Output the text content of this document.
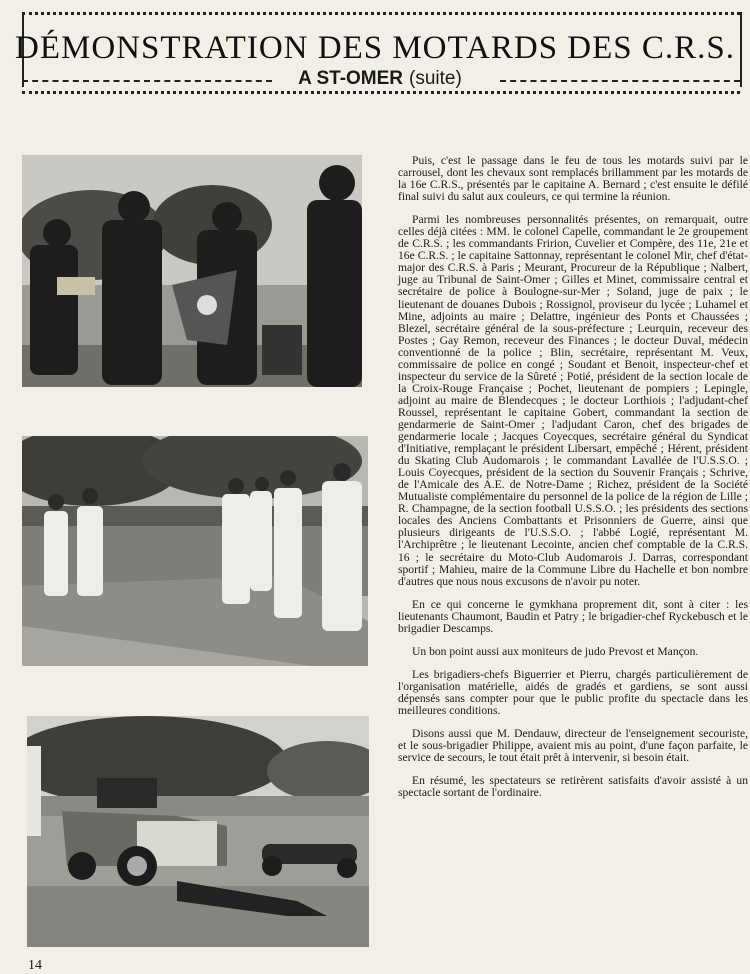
DÉMONSTRATION DES MOTARDS DES C.R.S.
A ST-OMER (suite)

Puis, c'est le passage dans le feu de tous les motards suivi par le carrousel, dont les chevaux sont remplacés brillamment par les motards de la 16e C.R.S., présentés par le capitaine A. Bernard ; c'est ensuite le défilé final suivi du salut aux couleurs, ce qui termine la réunion.

Parmi les nombreuses personnalités présentes, on remarquait, outre celles déjà citées : MM. le colonel Capelle, commandant le 2e groupement de C.R.S. ; les commandants Fririon, Cuvelier et Compère, des 11e, 21e et 16e C.R.S. ; le capitaine Sattonnay, représentant le colonel Mir, chef d'état-major des C.R.S. à Paris ; Meurant, Procureur de la République ; Nalbert, juge au Tribunal de Saint-Omer ; Gilles et Minet, commissaire central et secrétaire de police à Boulogne-sur-Mer ; Soland, juge de paix ; le lieutenant de douanes Dubois ; Rossignol, proviseur du lycée ; Luhamel et Mine, adjoints au maire ; Delattre, ingénieur des Ponts et Chaussées ; Blezel, secrétaire général de la sous-préfecture ; Leurquin, receveur des Postes ; Gay Remon, receveur des Finances ; le docteur Duval, médecin conventionné de la police ; Blin, secrétaire, représentant M. Veux, commissaire de police en congé ; Soudant et Benoit, inspecteur-chef et inspecteur du service de la Sûreté ; Potié, président de la section locale de la Croix-Rouge Française ; Pochet, lieutenant de pompiers ; Lepingle, adjoint au maire de Blendecques ; le docteur Lorthiois ; l'adjudant-chef Roussel, représentant le capitaine Gobert, commandant la section de gendarmerie de Saint-Omer ; l'adjudant Caron, chef des brigades de gendarmerie locale ; Jacques Coyecques, secrétaire général du Syndicat d'Initiative, remplaçant le président Libersart, empêché ; Hérent, président du Skating Club Audomarois ; le commandant Lavallée de l'U.S.S.O. ; Louis Coyecques, président de la section du Souvenir Français ; Schrive, de l'Amicale des A.E. de Notre-Dame ; Richez, président de la Société Mutualiste complémentaire du personnel de la police de la région de Lille ; R. Champagne, de la section football U.S.S.O. ; les présidents des sections locales des Anciens Combattants et Prisonniers de Guerre, ainsi que plusieurs dirigeants de l'U.S.S.O. ; l'abbé Logié, représentant M. l'Archiprêtre ; le lieutenant Lecointe, ancien chef comptable de la C.R.S. 16 ; le secrétaire du Moto-Club Audomarois J. Darras, correspondant sportif ; Mahieu, maire de la Commune Libre du Hachelle et bon nombre d'autres que nous nous excusons de n'avoir pu noter.

En ce qui concerne le gymkhana proprement dit, sont à citer : les lieutenants Chaumont, Baudin et Patry ; le brigadier-chef Ryckebusch et le brigadier Descamps.

Un bon point aussi aux moniteurs de judo Prevost et Mançon.

Les brigadiers-chefs Biguerrier et Pierru, chargés particulièrement de l'organisation matérielle, aidés de gradés et gardiens, se sont aussi dépensés sans compter pour que le public profite du spectacle dans les meilleures conditions.

Disons aussi que M. Dendauw, directeur de l'enseignement secouriste, et le sous-brigadier Philippe, avaient mis au point, d'une façon parfaite, le service de secours, le tout était prêt à intervenir, si besoin était.

En résumé, les spectateurs se retirèrent satisfaits d'avoir assisté à un spectacle sortant de l'ordinaire.

14
